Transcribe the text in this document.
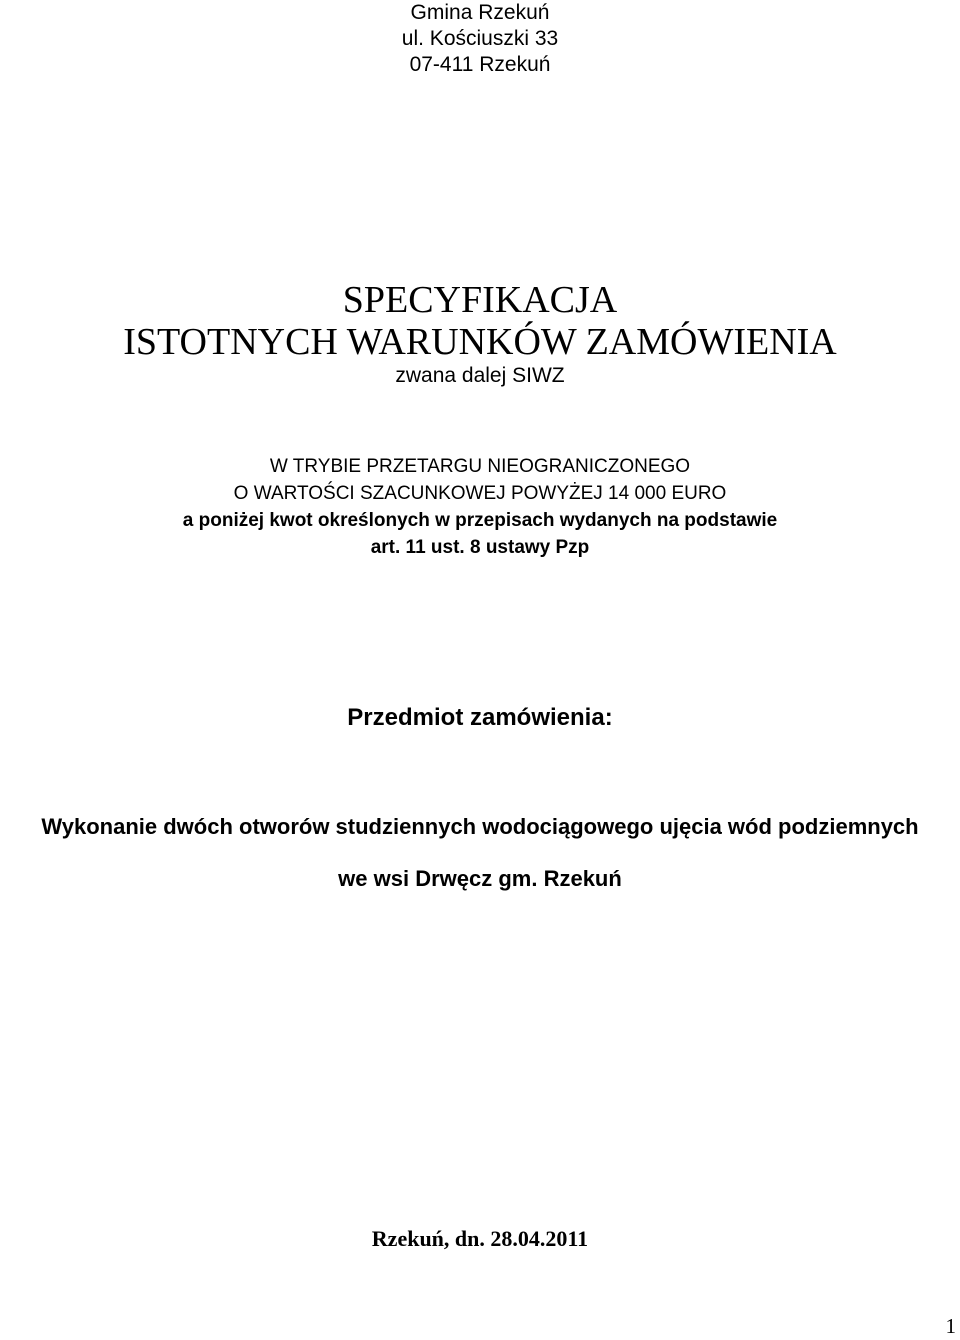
Gmina Rzekuń
ul. Kościuszki 33
07-411 Rzekuń
SPECYFIKACJA
ISTOTNYCH WARUNKÓW ZAMÓWIENIA
zwana dalej SIWZ
W TRYBIE PRZETARGU NIEOGRANICZONEGO
O WARTOŚCI SZACUNKOWEJ POWYŻEJ 14 000 EURO
a poniżej kwot określonych w przepisach wydanych na podstawie
art. 11 ust. 8 ustawy Pzp
Przedmiot zamówienia:
Wykonanie dwóch otworów studziennych wodociągowego ujęcia wód podziemnych
we wsi Drwęcz gm. Rzekuń
Rzekuń, dn. 28.04.2011
1
